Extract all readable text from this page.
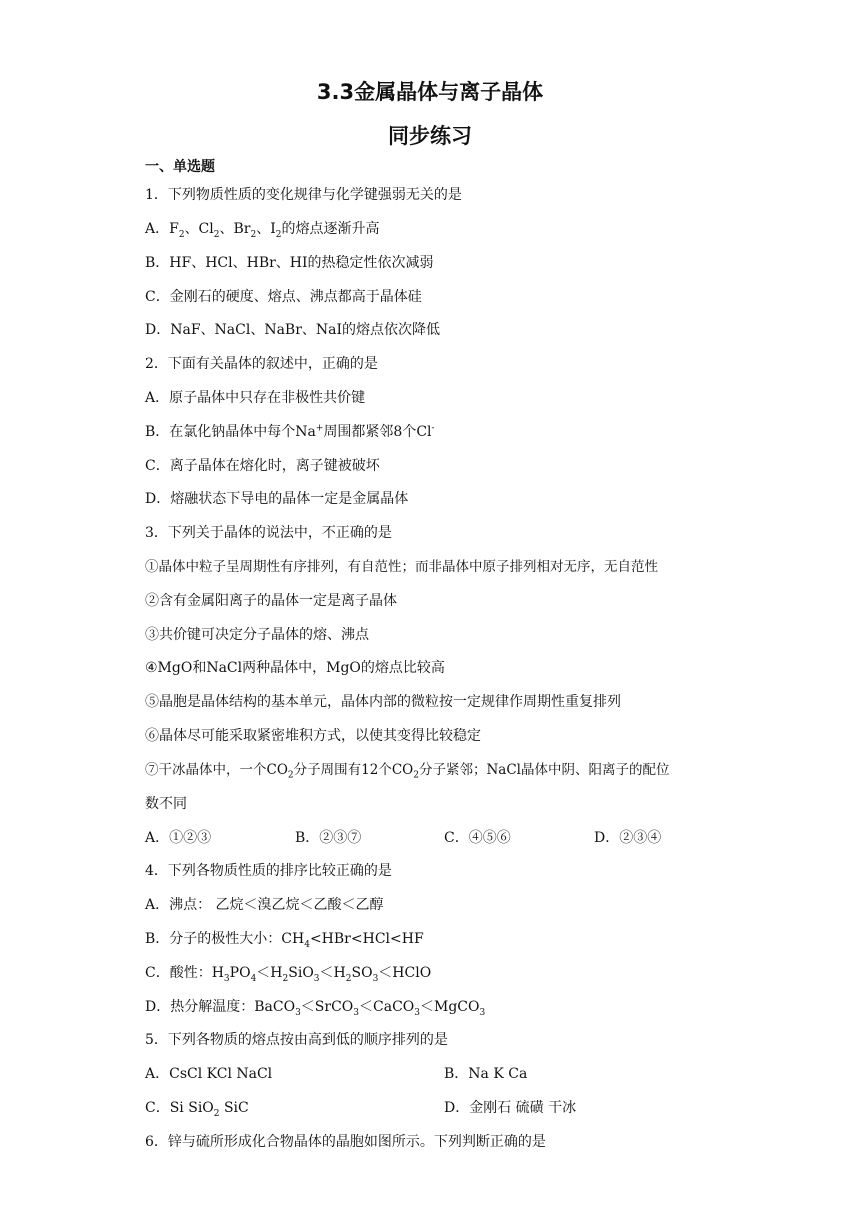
3.3金属晶体与离子晶体
同步练习
一、单选题
1．下列物质性质的变化规律与化学键强弱无关的是
A．$F_2$、$Cl_2$、$Br_2$、$I_2$的熔点逐渐升高
B．HF、HCl、HBr、HI的热稳定性依次减弱
C．金刚石的硬度、熔点、沸点都高于晶体硅
D．NaF、NaCl、NaBr、NaI的熔点依次降低
2．下面有关晶体的叙述中，正确的是
A．原子晶体中只存在非极性共价键
B．在氯化钠晶体中每个Na+周围都紧邻8个Cl-
C．离子晶体在熔化时，离子键被破坏
D．熔融状态下导电的晶体一定是金属晶体
3．下列关于晶体的说法中，不正确的是
①晶体中粒子呈周期性有序排列，有自范性；而非晶体中原子排列相对无序，无自范性
②含有金属阳离子的晶体一定是离子晶体
③共价键可决定分子晶体的熔、沸点
④MgO和NaCl两种晶体中，MgO的熔点比较高
⑤晶胞是晶体结构的基本单元，晶体内部的微粒按一定规律作周期性重复排列
⑥晶体尽可能采取紧密堆积方式，以使其变得比较稳定
⑦干冰晶体中，一个$CO_2$分子周围有12个$CO_2$分子紧邻；NaCl晶体中阴、阳离子的配位
数不同
A．①②③	B．②③⑦	C．④⑤⑥	D．②③④
4．下列各物质性质的排序比较正确的是
A．沸点： 乙烷＜溴乙烷＜乙酸＜乙醇
B．分子的极性大小：$CH_4<HBr<HCl<HF$
C．酸性：$H_3PO_4<H_2SiO_3<H_2SO_3<HClO$
D．热分解温度：BaCO$_3$＜SrCO$_3$＜CaCO$_3$＜MgCO$_3$
5．下列各物质的熔点按由高到低的顺序排列的是
A．CsCl KCl NaCl	B．Na K Ca
C．Si SiO$_2$ SiC	D．金刚石 硫磺 干冰
6．锌与硫所形成化合物晶体的晶胞如图所示。下列判断正确的是
